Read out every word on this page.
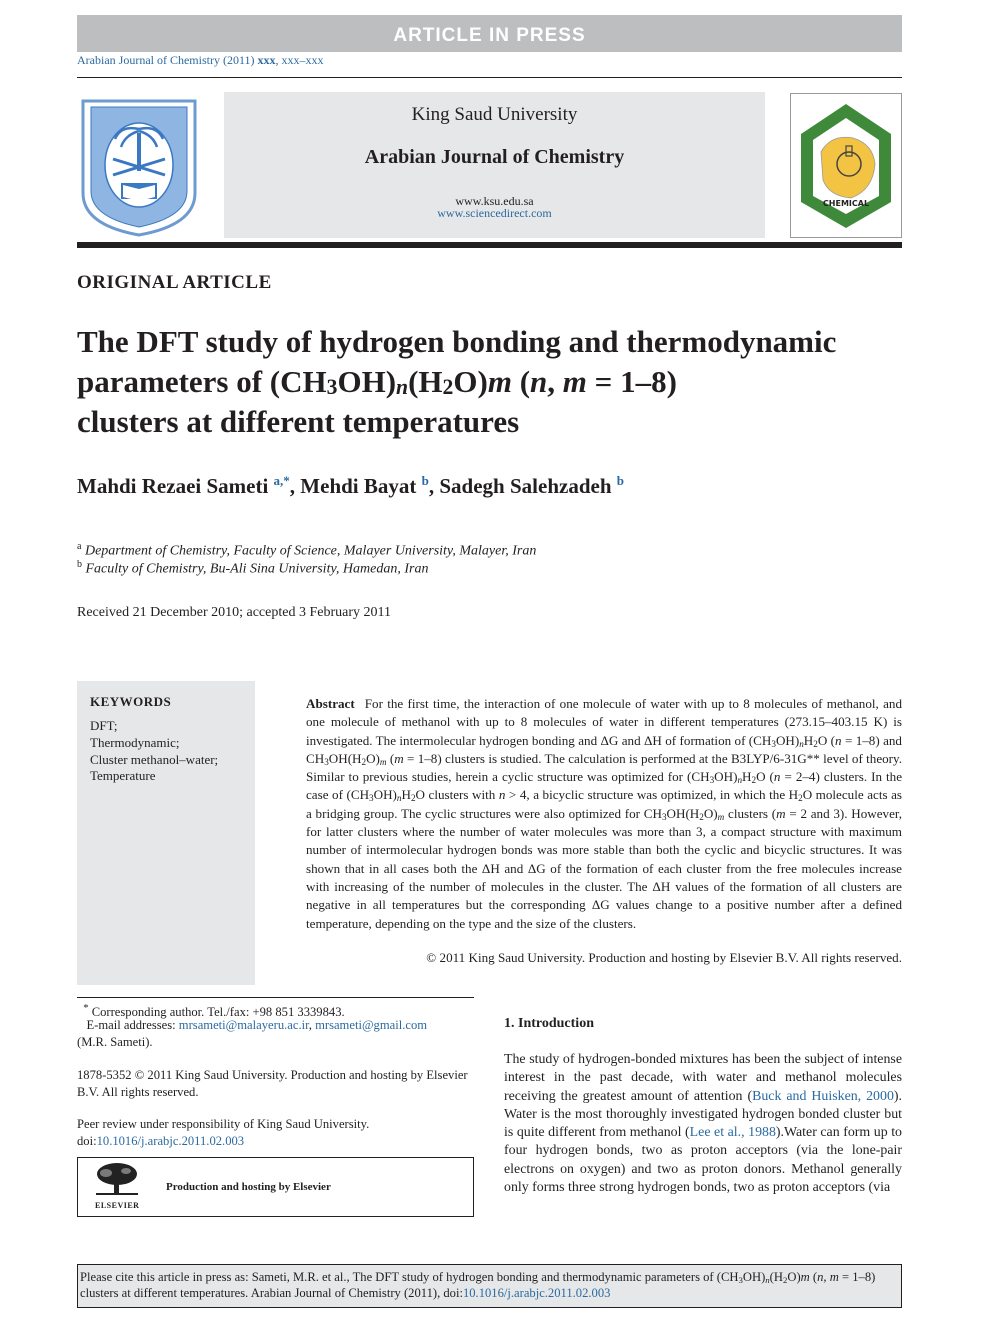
ARTICLE IN PRESS
Arabian Journal of Chemistry (2011) xxx, xxx–xxx
King Saud University
Arabian Journal of Chemistry
www.ksu.edu.sa
www.sciencedirect.com
CHEMICAL
ORIGINAL ARTICLE
The DFT study of hydrogen bonding and thermodynamic
parameters of $(CH_3OH)_n(H_2O)m$ (n, m = 1–8)
clusters at different temperatures
Mahdi Rezaei Sameti $^{a,*}$, Mehdi Bayat $^b$, Sadegh Salehzadeh $^b$
$^a$ Department of Chemistry, Faculty of Science, Malayer University, Malayer, Iran
$^b$ Faculty of Chemistry, Bu-Ali Sina University, Hamedan, Iran
Received 21 December 2010; accepted 3 February 2011
KEYWORDS
DFT;
Thermodynamic;
Cluster methanol–water;
Temperature
Abstract For the first time, the interaction of one molecule of water with up to 8 molecules of methanol, and one molecule of methanol with up to 8 molecules of water in different temperatures (273.15–403.15 K) is investigated. The intermolecular hydrogen bonding and ΔG and ΔH of formation of $(CH_3OH)_nH_2O$ (n = 1–8) and $CH_3OH(H_2O)_m$ (m = 1–8) clusters is studied. The calculation is performed at the B3LYP/6-31G** level of theory. Similar to previous studies, herein a cyclic structure was optimized for $(CH_3OH)_nH_2O$ (n = 2–4) clusters. In the case of $(CH_3OH)_nH_2O$ clusters with n > 4, a bicyclic structure was optimized, in which the $H_2O$ molecule acts as a bridging group. The cyclic structures were also optimized for $CH_3OH(H_2O)_m$ clusters (m = 2 and 3). However, for latter clusters where the number of water molecules was more than 3, a compact structure with maximum number of intermolecular hydrogen bonds was more stable than both the cyclic and bicyclic structures. It was shown that in all cases both the ΔH and ΔG of the formation of each cluster from the free molecules increase with increasing of the number of molecules in the cluster. The ΔH values of the formation of all clusters are negative in all temperatures but the corresponding ΔG values change to a positive number after a defined temperature, depending on the type and the size of the clusters.
© 2011 King Saud University. Production and hosting by Elsevier B.V. All rights reserved.
* Corresponding author. Tel./fax: +98 851 3339843.
E-mail addresses: mrsameti@malayeru.ac.ir, mrsameti@gmail.com
(M.R. Sameti).
1878-5352 © 2011 King Saud University. Production and hosting by Elsevier B.V. All rights reserved.
Peer review under responsibility of King Saud University.
doi:10.1016/j.arabjc.2011.02.003
ELSEVIER
Production and hosting by Elsevier
1. Introduction
The study of hydrogen-bonded mixtures has been the subject of intense interest in the past decade, with water and methanol molecules receiving the greatest amount of attention (Buck and Huisken, 2000). Water is the most thoroughly investigated hydrogen bonded cluster but is quite different from methanol (Lee et al., 1988).Water can form up to four hydrogen bonds, two as proton acceptors (via the lone-pair electrons on oxygen) and two as proton donors. Methanol generally only forms three strong hydrogen bonds, two as proton acceptors (via
Please cite this article in press as: Sameti, M.R. et al., The DFT study of hydrogen bonding and thermodynamic parameters of $(CH_3OH)_n(H_2O)m$ (n, m = 1–8) clusters at different temperatures. Arabian Journal of Chemistry (2011), doi:10.1016/j.arabjc.2011.02.003
